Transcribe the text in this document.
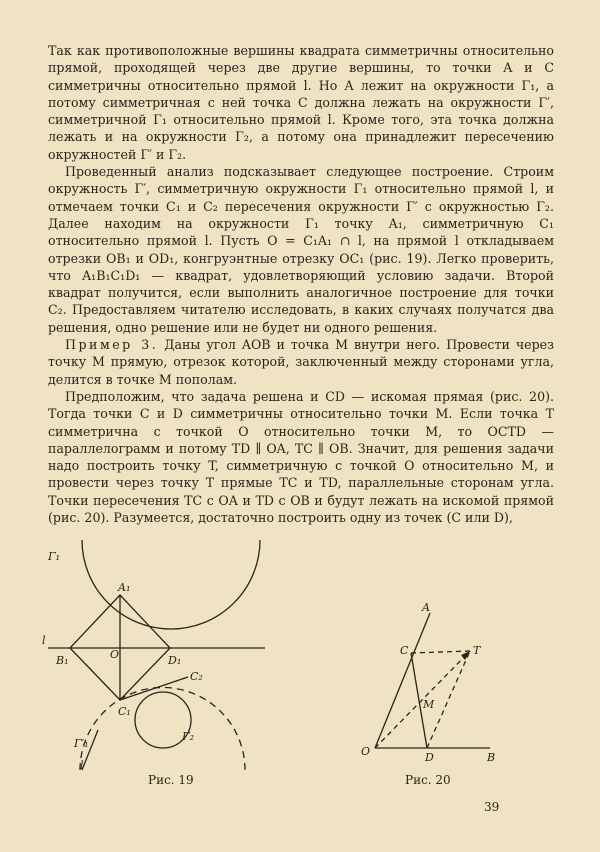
Так как противоположные вершины квадрата симметричны относительно прямой, проходящей через две другие вершины, то точки A и C симметричны относительно прямой l. Но A лежит на окружности Γ₁, а потому симметричная с ней точка C должна лежать на окружности Γ′, симметричной Γ₁ относительно прямой l. Кроме того, эта точка должна лежать и на окружности Γ₂, а потому она принадлежит пересечению окружностей Γ′ и Γ₂.

Проведенный анализ подсказывает следующее построение. Строим окружность Γ′, симметричную окружности Γ₁ относительно прямой l, и отмечаем точки C₁ и C₂ пересечения окружности Γ′ с окружностью Γ₂. Далее находим на окружности Γ₁ точку A₁, симметричную C₁ относительно прямой l. Пусть O = C₁A₁ ∩ l, на прямой l откладываем отрезки OB₁ и OD₁, конгруэнтные отрезку OC₁ (рис. 19). Легко проверить, что A₁B₁C₁D₁ — квадрат, удовлетворяющий условию задачи. Второй квадрат получится, если выполнить аналогичное построение для точки C₂. Предоставляем читателю исследовать, в каких случаях получатся два решения, одно решение или не будет ни одного решения.

Пример 3. Даны угол AOB и точка M внутри него. Провести через точку M прямую, отрезок которой, заключенный между сторонами угла, делится в точке M пополам.

Предположим, что задача решена и CD — искомая прямая (рис. 20). Тогда точки C и D симметричны относительно точки M. Если точка T симметрична с точкой O относительно точки M, то OCTD — параллелограмм и потому TD ∥ OA, TC ∥ OB. Значит, для решения задачи надо построить точку T, симметричную с точкой O относительно M, и провести через точку T прямые TC и TD, параллельные сторонам угла. Точки пересечения TC с OA и TD с OB и будут лежать на искомой прямой (рис. 20). Разумеется, достаточно построить одну из точек (C или D),

Γ₁
A₁
l
B₁	O	D₁
C₂
C₁
Γ′₁
Γ₂
l
Рис. 19
A
C	T
M
O	D	B
Рис. 20
39
